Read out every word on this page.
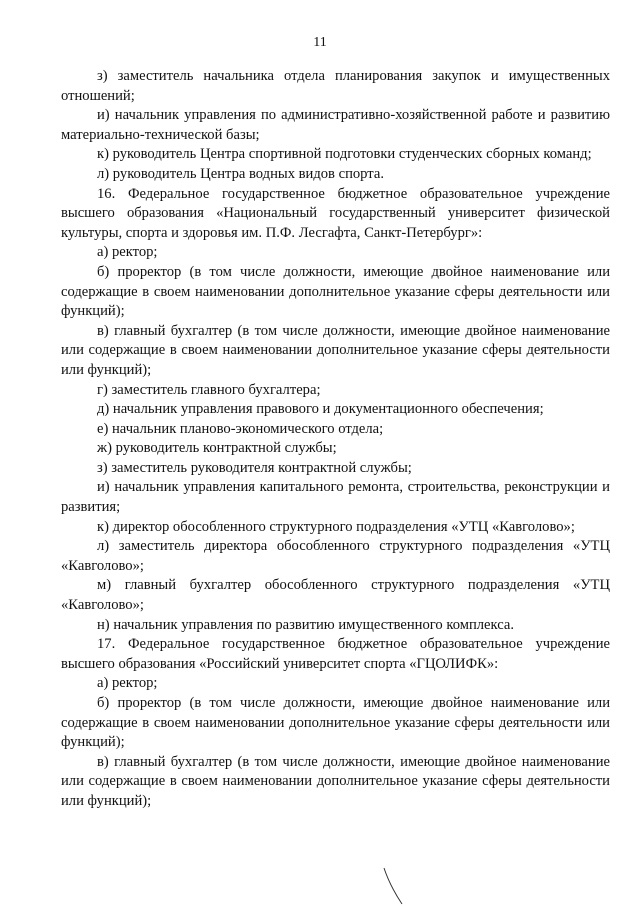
11

з) заместитель начальника отдела планирования закупок и имущественных отношений;

и) начальник управления по административно-хозяйственной работе и развитию материально-технической базы;

к) руководитель Центра спортивной подготовки студенческих сборных команд;

л) руководитель Центра водных видов спорта.

16. Федеральное государственное бюджетное образовательное учреждение высшего образования «Национальный государственный университет физической культуры, спорта и здоровья им. П.Ф. Лесгафта, Санкт-Петербург»:

а) ректор;

б) проректор (в том числе должности, имеющие двойное наименование или содержащие в своем наименовании дополнительное указание сферы деятельности или функций);

в) главный бухгалтер (в том числе должности, имеющие двойное наименование или содержащие в своем наименовании дополнительное указание сферы деятельности или функций);

г) заместитель главного бухгалтера;

д) начальник управления правового и документационного обеспечения;

е) начальник планово-экономического отдела;

ж) руководитель контрактной службы;

з) заместитель руководителя контрактной службы;

и) начальник управления капитального ремонта, строительства, реконструкции и развития;

к) директор обособленного структурного подразделения «УТЦ «Кавголово»;

л) заместитель директора обособленного структурного подразделения «УТЦ «Кавголово»;

м) главный бухгалтер обособленного структурного подразделения «УТЦ «Кавголово»;

н) начальник управления по развитию имущественного комплекса.

17. Федеральное государственное бюджетное образовательное учреждение высшего образования «Российский университет спорта «ГЦОЛИФК»:

а) ректор;

б) проректор (в том числе должности, имеющие двойное наименование или содержащие в своем наименовании дополнительное указание сферы деятельности или функций);

в) главный бухгалтер (в том числе должности, имеющие двойное наименование или содержащие в своем наименовании дополнительное указание сферы деятельности или функций);
